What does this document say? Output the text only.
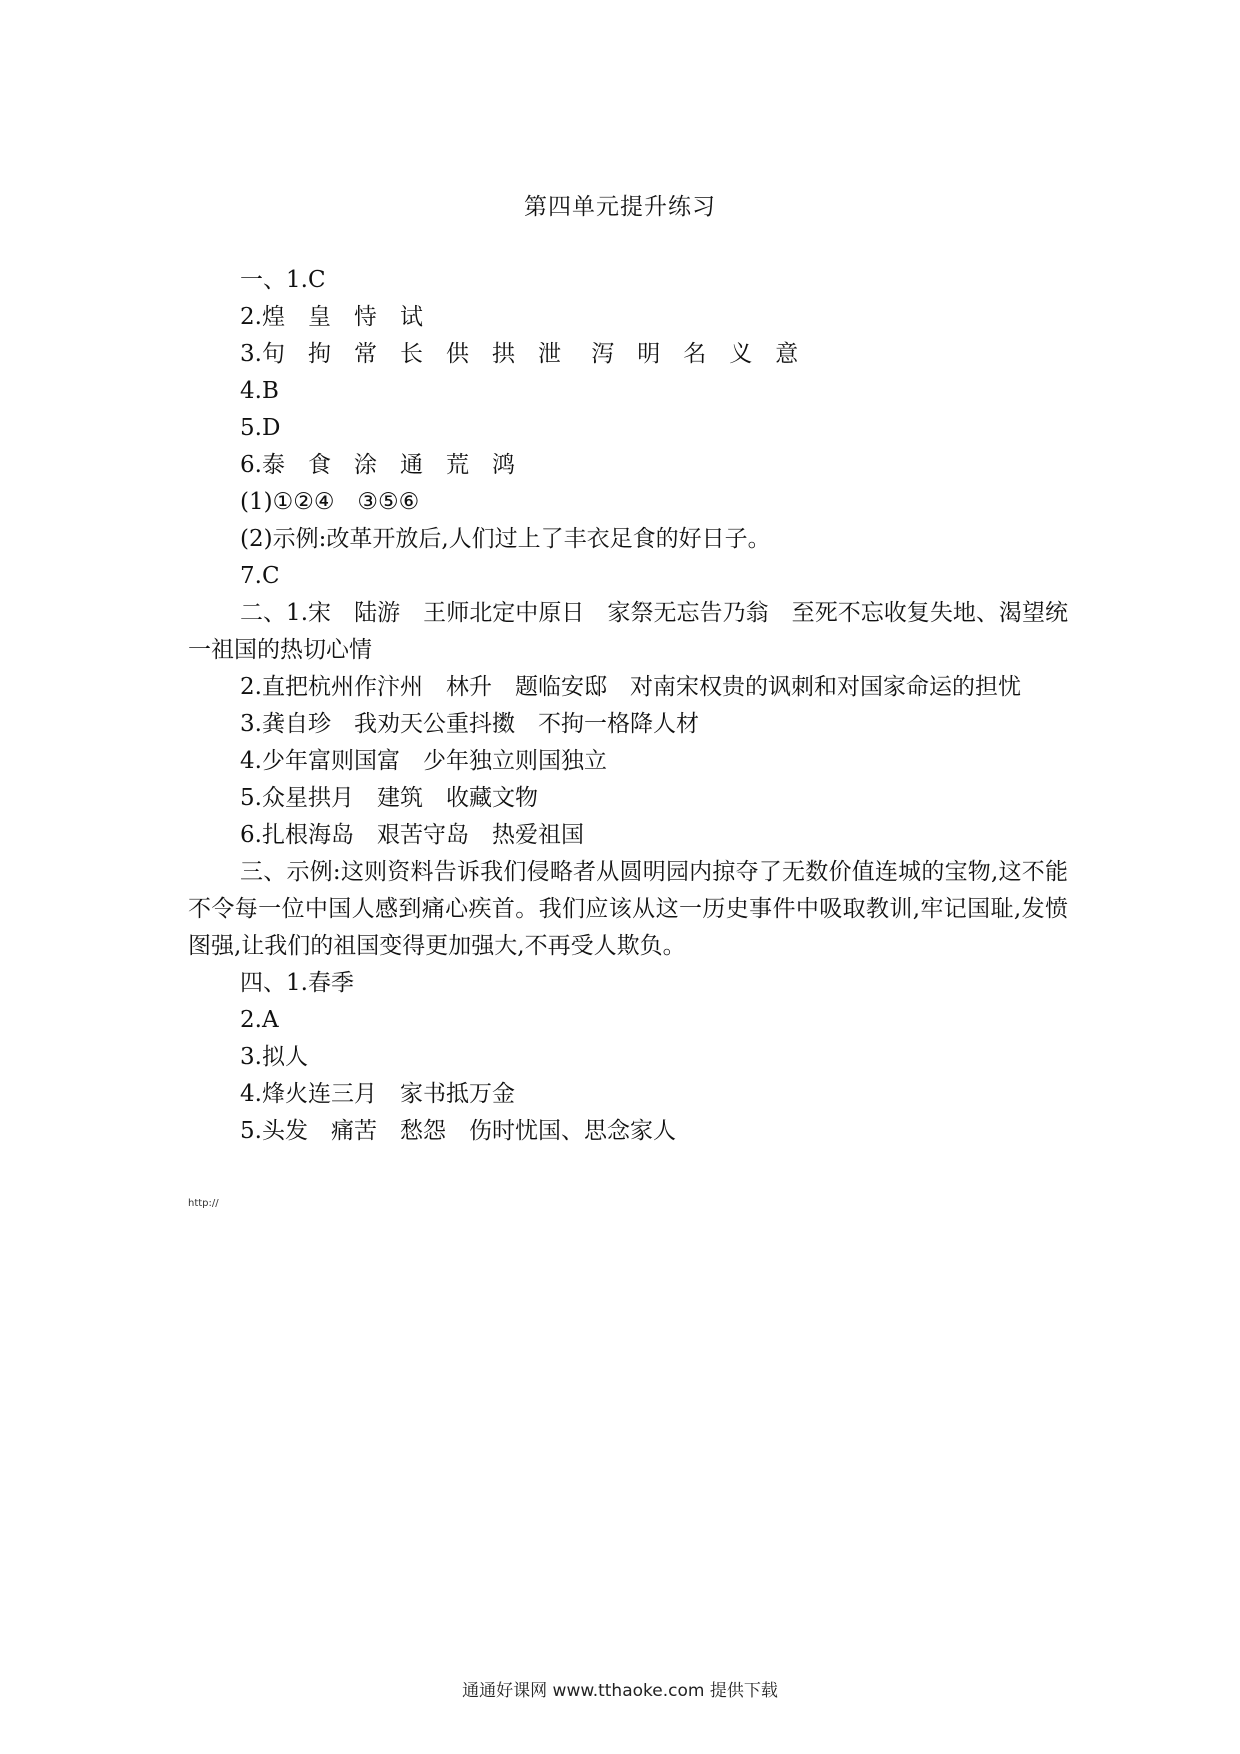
第四单元提升练习
一、1.C
2.煌　皇　恃　试
3.句　拘　常　长　供　拱　泄　 泻　明　名　义　意
4.B
5.D
6.泰　食　涂　通　荒　鸿
(1)①②④　③⑤⑥
(2)示例:改革开放后,人们过上了丰衣足食的好日子。
7.C
二、1.宋　陆游　王师北定中原日　家祭无忘告乃翁　至死不忘收复失地、渴望统一祖国的热切心情
2.直把杭州作汴州　林升　题临安邸　对南宋权贵的讽刺和对国家命运的担忧
3.龚自珍　我劝天公重抖擞　不拘一格降人材
4.少年富则国富　少年独立则国独立
5.众星拱月　建筑　收藏文物
6.扎根海岛　艰苦守岛　热爱祖国
三、示例:这则资料告诉我们侵略者从圆明园内掠夺了无数价值连城的宝物,这不能不令每一位中国人感到痛心疾首。我们应该从这一历史事件中吸取教训,牢记国耻,发愤图强,让我们的祖国变得更加强大,不再受人欺负。
四、1.春季
2.A
3.拟人
4.烽火连三月　家书抵万金
5.头发　痛苦　愁怨　伤时忧国、思念家人
http://
通通好课网 www.tthaoke.com 提供下载
